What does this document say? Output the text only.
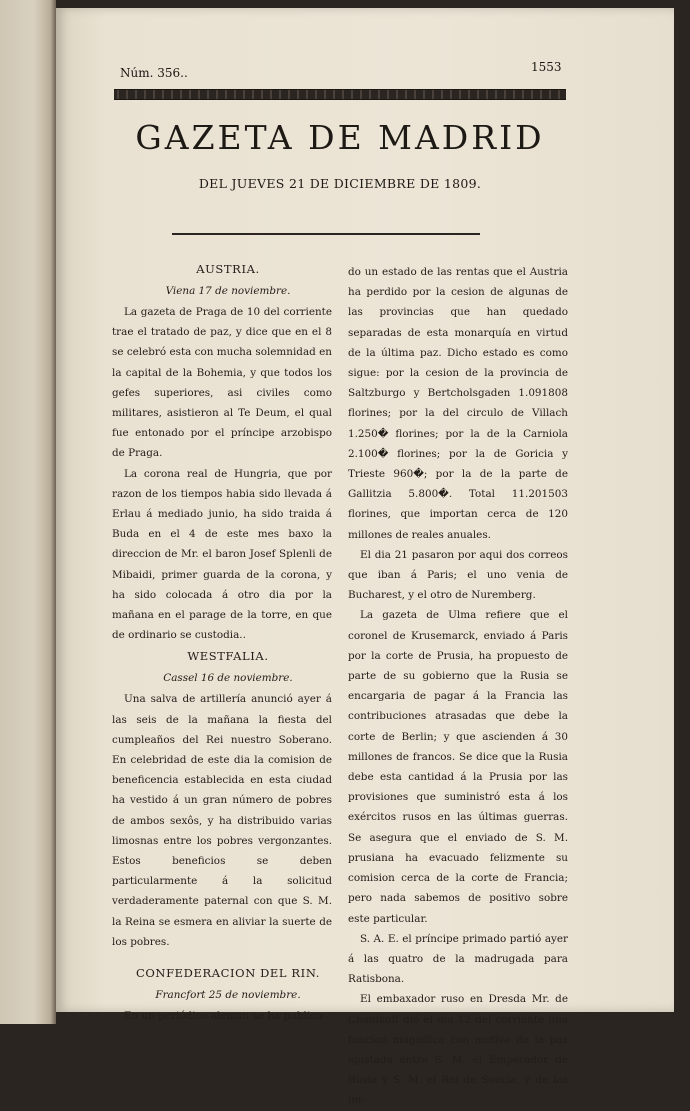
Núm. 356..	1553
GAZETA DE MADRID
DEL JUEVES 21 DE DICIEMBRE DE 1809.

AUSTRIA.

Viena 17 de noviembre.

La gazeta de Praga de 10 del corriente trae el tratado de paz, y dice que en el 8 se celebró esta con mucha solemnidad en la capital de la Bohemia, y que todos los gefes superiores, asi civiles como militares, asistieron al Te Deum, el qual fue entonado por el príncipe arzobispo de Praga.

La corona real de Hungria, que por razon de los tiempos habia sido llevada á Erlau á mediado junio, ha sido traida á Buda en el 4 de este mes baxo la direccion de Mr. el baron Josef Splenli de Mibaidi, primer guarda de la corona, y ha sido colocada á otro dia por la mañana en el parage de la torre, en que de ordinario se custodia..

WESTFALIA.

Cassel 16 de noviembre.

Una salva de artillería anunció ayer á las seis de la mañana la fiesta del cumpleaños del Rei nuestro Soberano. En celebridad de este dia la comision de beneficencia establecida en esta ciudad ha vestido á un gran número de pobres de ambos sexôs, y ha distribuido varias limosnas entre los pobres vergonzantes. Estos beneficios se deben particularmente á la solicitud verdaderamente paternal con que S. M. la Reina se esmera en aliviar la suerte de los pobres.

CONFEDERACION DEL RIN.

Francfort 25 de noviembre.

En un periódico aleman se ha publica-

do un estado de las rentas que el Austria ha perdido por la cesion de algunas de las provincias que han quedado separadas de esta monarquía en virtud de la última paz. Dicho estado es como sigue: por la cesion de la provincia de Saltzburgo y Bertcholsgaden 1.091808 florines; por la del circulo de Villach 1.250� florines; por la de la Carniola 2.100� florines; por la de Goricia y Trieste 960�; por la de la parte de Gallitzia 5.800�. Total 11.201503 florines, que importan cerca de 120 millones de reales anuales.

El dia 21 pasaron por aqui dos correos que iban á Paris; el uno venia de Bucharest, y el otro de Nuremberg.

La gazeta de Ulma refiere que el coronel de Krusemarck, enviado á Paris por la corte de Prusia, ha propuesto de parte de su gobierno que la Rusia se encargaria de pagar á la Francia las contribuciones atrasadas que debe la corte de Berlin; y que ascienden á 30 millones de francos. Se dice que la Rusia debe esta cantidad á la Prusia por las provisiones que suministró esta á los exércitos rusos en las últimas guerras. Se asegura que el enviado de S. M. prusiana ha evacuado felizmente su comision cerca de la corte de Francia; pero nada sabemos de positivo sobre este particular.

S. A. E. el príncipe primado partió ayer á las quatro de la madrugada para Ratisbona.

El embaxador ruso en Dresda Mr. de Chanikoff dió el dia 12 del corriente una funcion magnífica con motivo de la paz ajustada entre S. M. el Emperador de Rusia y S. M. el Rei de Suecia, y de las im-
